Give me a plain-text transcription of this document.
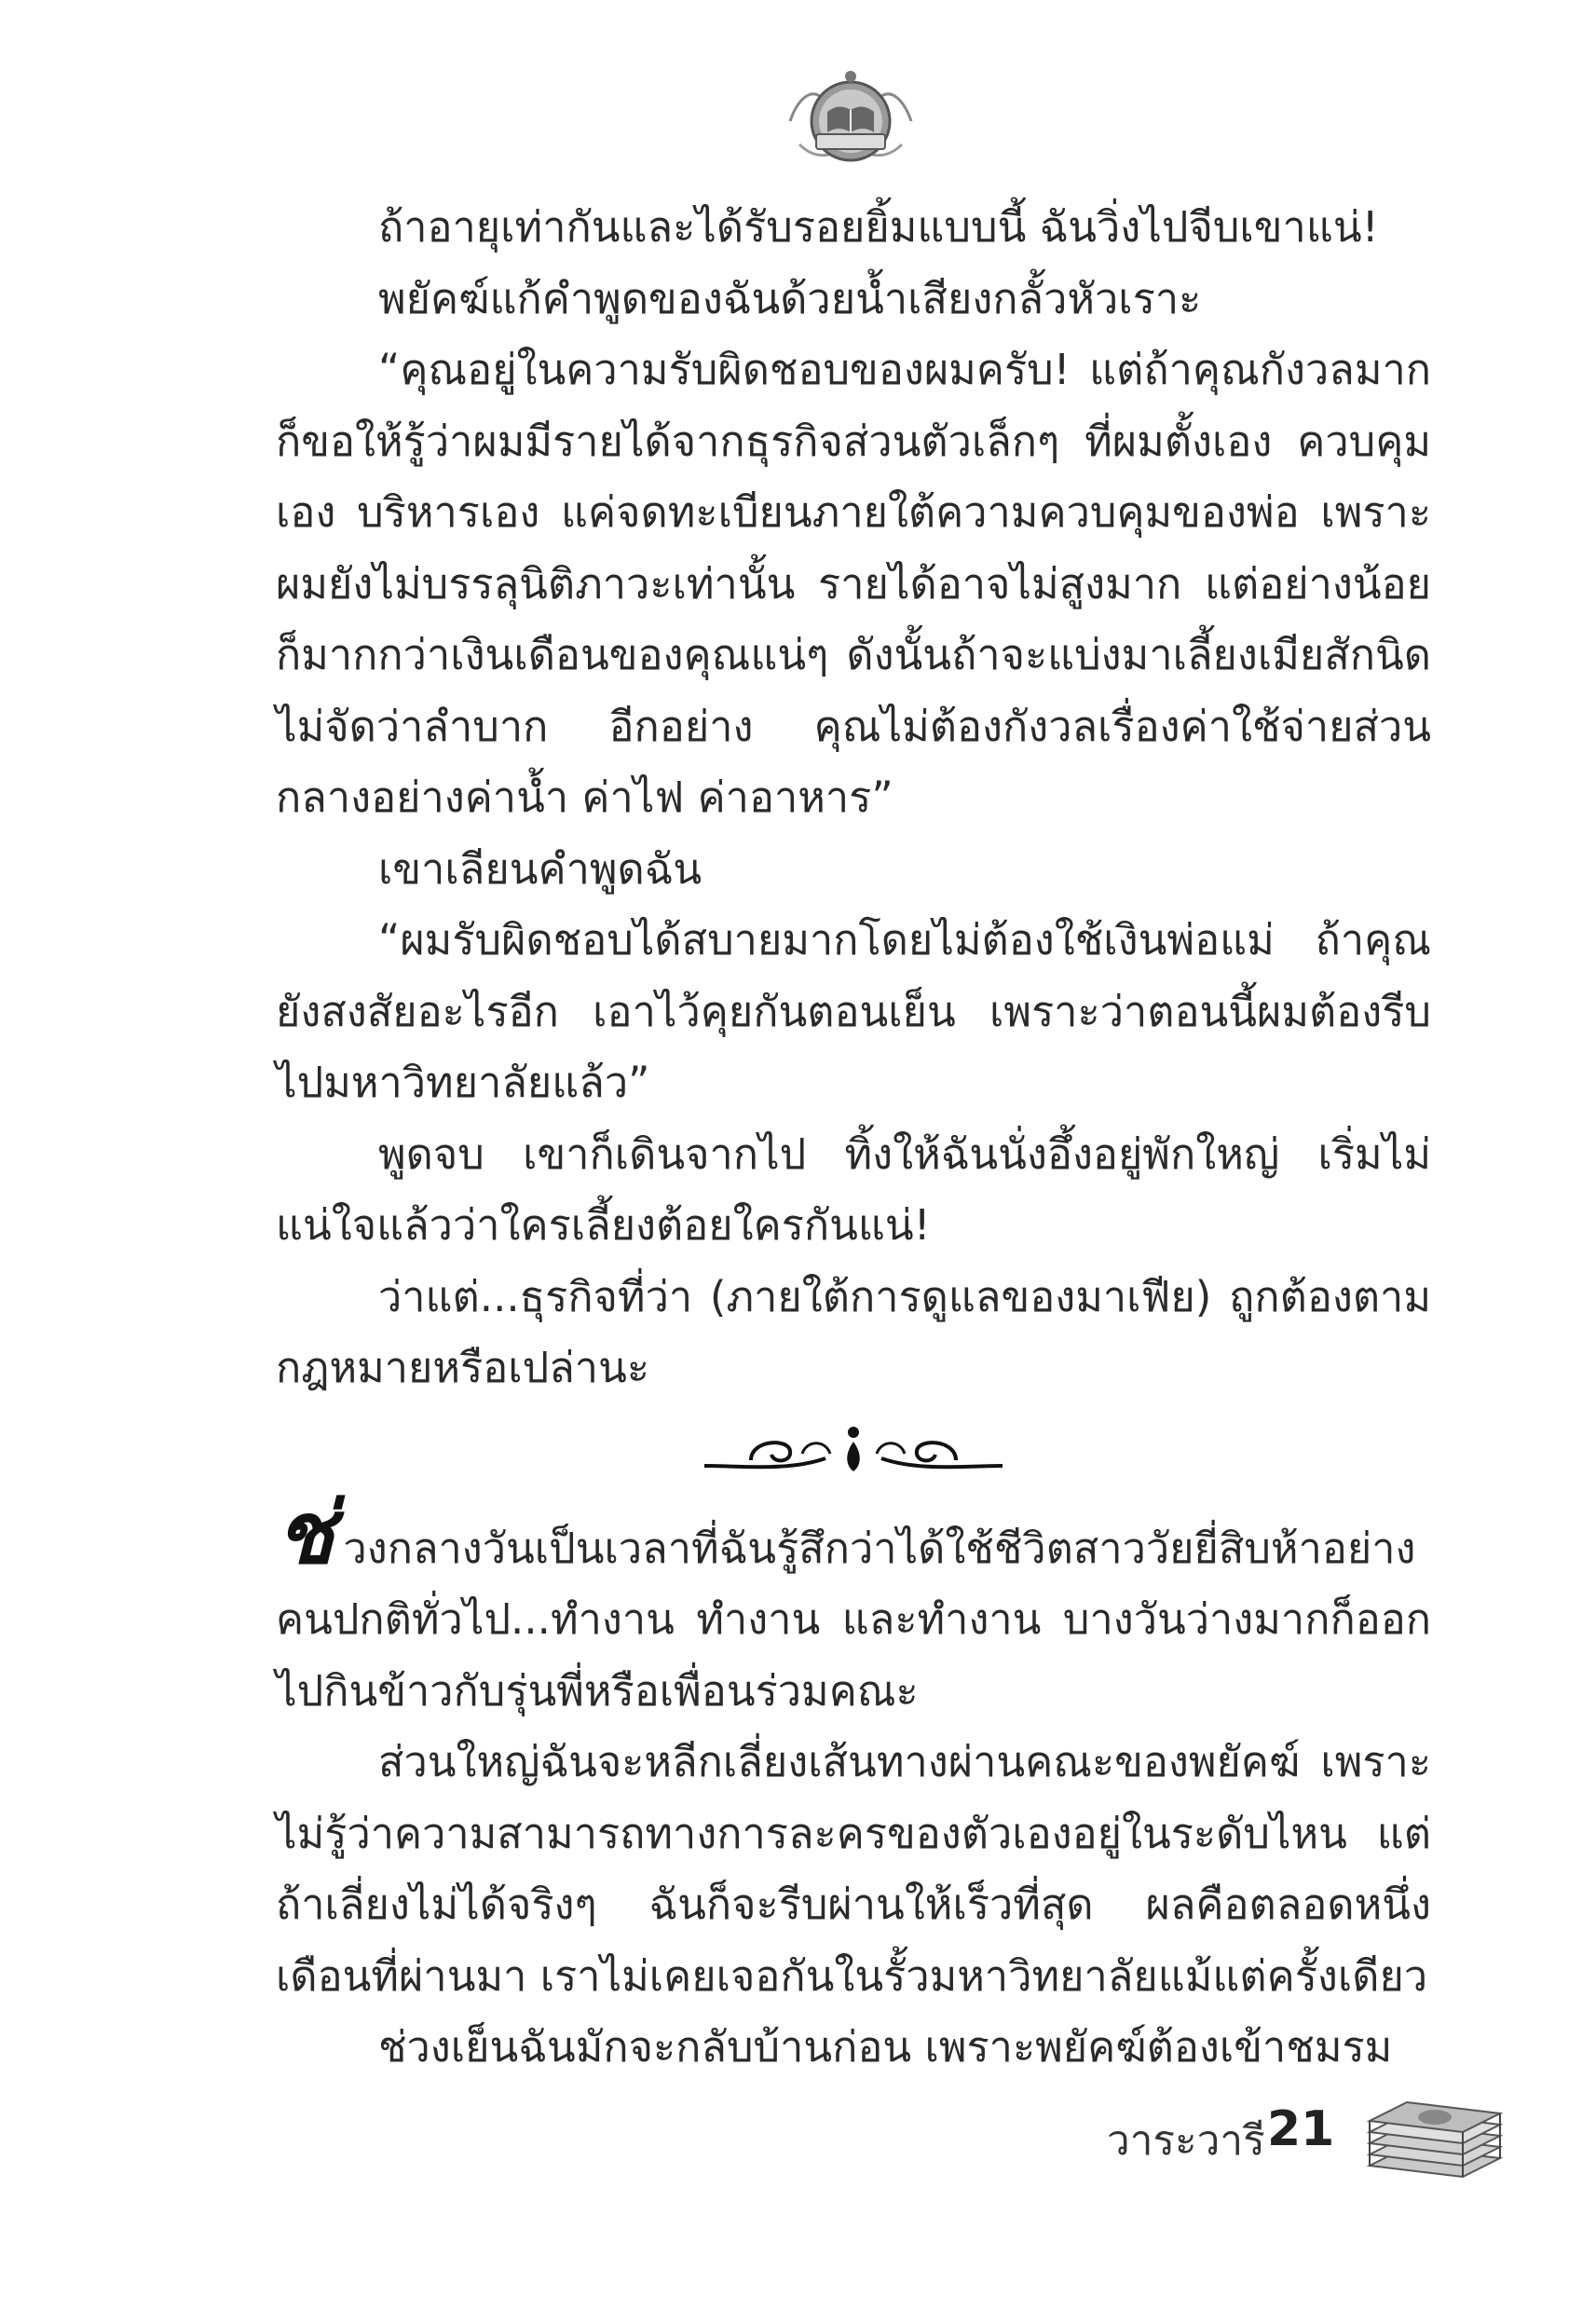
ถ้าอายุเท่ากันและได้รับรอยยิ้มแบบนี้ ฉันวิ่งไปจีบเขาแน่!

พยัคฆ์แก้คำพูดของฉันด้วยน้ำเสียงกลั้วหัวเราะ

“คุณอยู่ในความรับผิดชอบของผมครับ! แต่ถ้าคุณกังวลมาก ก็ขอให้รู้ว่าผมมีรายได้จากธุรกิจส่วนตัวเล็กๆ ที่ผมตั้งเอง ควบคุมเอง บริหารเอง แค่จดทะเบียนภายใต้ความควบคุมของพ่อ เพราะผมยังไม่บรรลุนิติภาวะเท่านั้น รายได้อาจไม่สูงมาก แต่อย่างน้อยก็มากกว่าเงินเดือนของคุณแน่ๆ ดังนั้นถ้าจะแบ่งมาเลี้ยงเมียสักนิดไม่จัดว่าลำบาก อีกอย่าง คุณไม่ต้องกังวลเรื่องค่าใช้จ่ายส่วนกลางอย่างค่าน้ำ ค่าไฟ ค่าอาหาร”

เขาเลียนคำพูดฉัน

“ผมรับผิดชอบได้สบายมากโดยไม่ต้องใช้เงินพ่อแม่ ถ้าคุณยังสงสัยอะไรอีก เอาไว้คุยกันตอนเย็น เพราะว่าตอนนี้ผมต้องรีบไปมหาวิทยาลัยแล้ว”

พูดจบ เขาก็เดินจากไป ทิ้งให้ฉันนั่งอึ้งอยู่พักใหญ่ เริ่มไม่แน่ใจแล้วว่าใครเลี้ยงต้อยใครกันแน่!

ว่าแต่...ธุรกิจที่ว่า (ภายใต้การดูแลของมาเฟีย) ถูกต้องตามกฎหมายหรือเปล่านะ

ช่วงกลางวันเป็นเวลาที่ฉันรู้สึกว่าได้ใช้ชีวิตสาววัยยี่สิบห้าอย่างคนปกติทั่วไป...ทำงาน ทำงาน และทำงาน บางวันว่างมากก็ออกไปกินข้าวกับรุ่นพี่หรือเพื่อนร่วมคณะ

ส่วนใหญ่ฉันจะหลีกเลี่ยงเส้นทางผ่านคณะของพยัคฆ์ เพราะไม่รู้ว่าความสามารถทางการละครของตัวเองอยู่ในระดับไหน แต่ถ้าเลี่ยงไม่ได้จริงๆ ฉันก็จะรีบผ่านให้เร็วที่สุด ผลคือตลอดหนึ่งเดือนที่ผ่านมา เราไม่เคยเจอกันในรั้วมหาวิทยาลัยแม้แต่ครั้งเดียว

ช่วงเย็นฉันมักจะกลับบ้านก่อน เพราะพยัคฆ์ต้องเข้าชมรม

วาระวารี 21
